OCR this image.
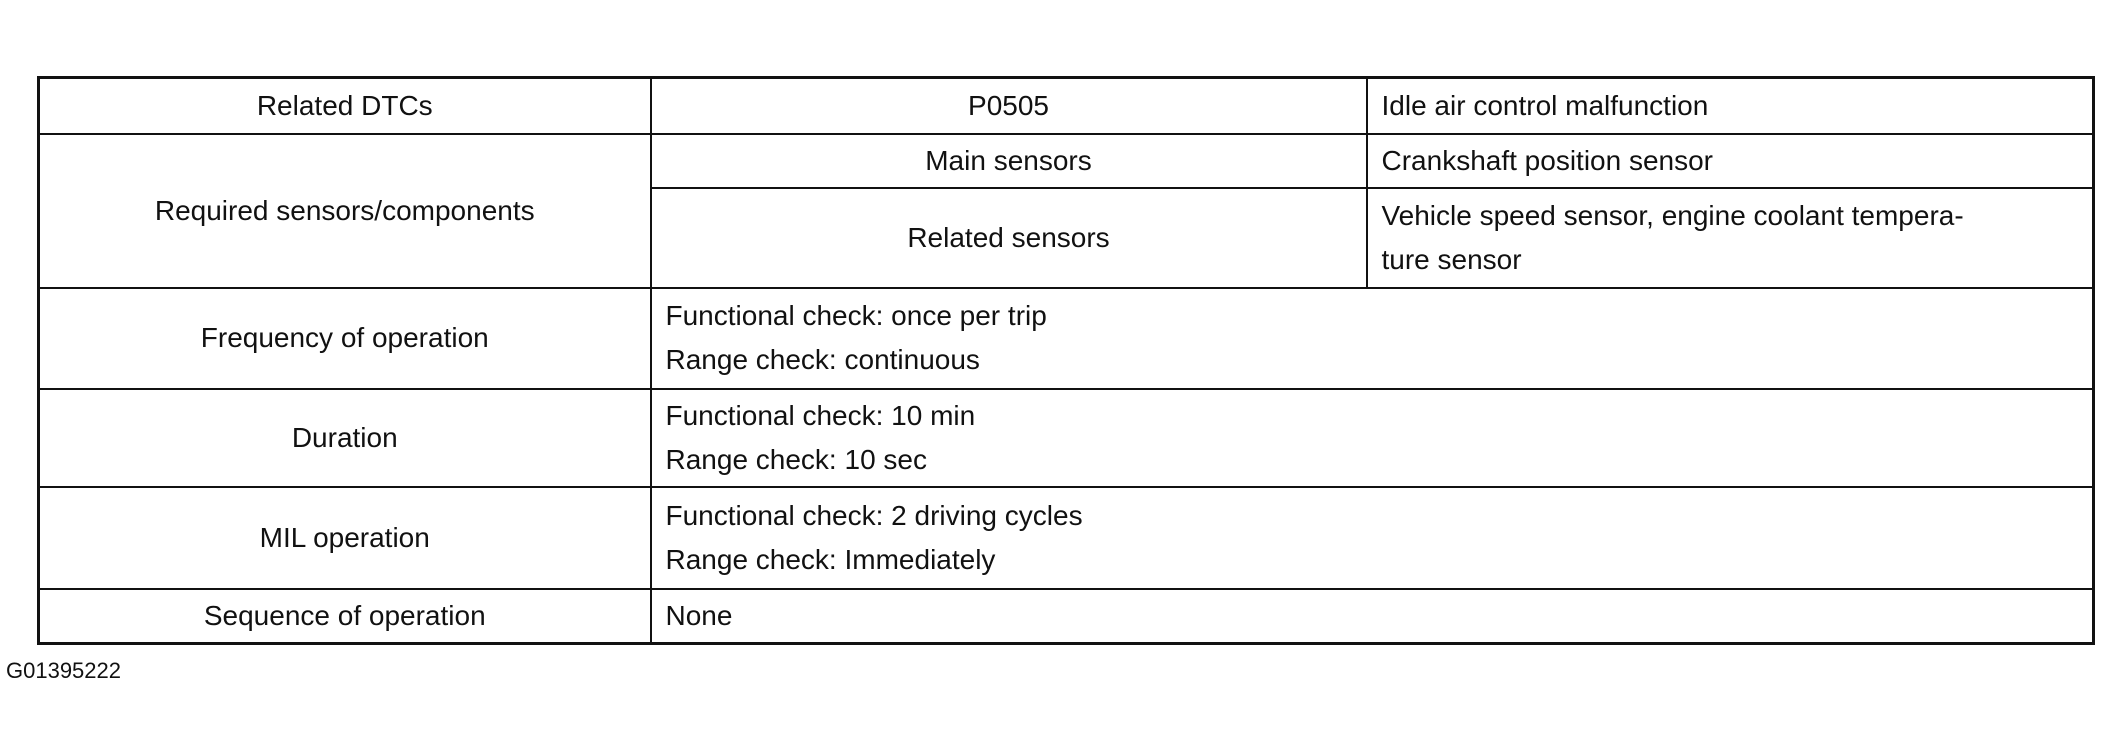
Related DTCs	P0505	Idle air control malfunction
Required sensors/components	Main sensors	Crankshaft position sensor
	Related sensors	Vehicle speed sensor, engine coolant tempera-
ture sensor

Frequency of operation	Functional check: once per trip
Range check: continuous	

Duration	Functional check: 10 min
Range check: 10 sec	

MIL operation	Functional check: 2 driving cycles
Range check: Immediately	

Sequence of operation	None	
G01395222
